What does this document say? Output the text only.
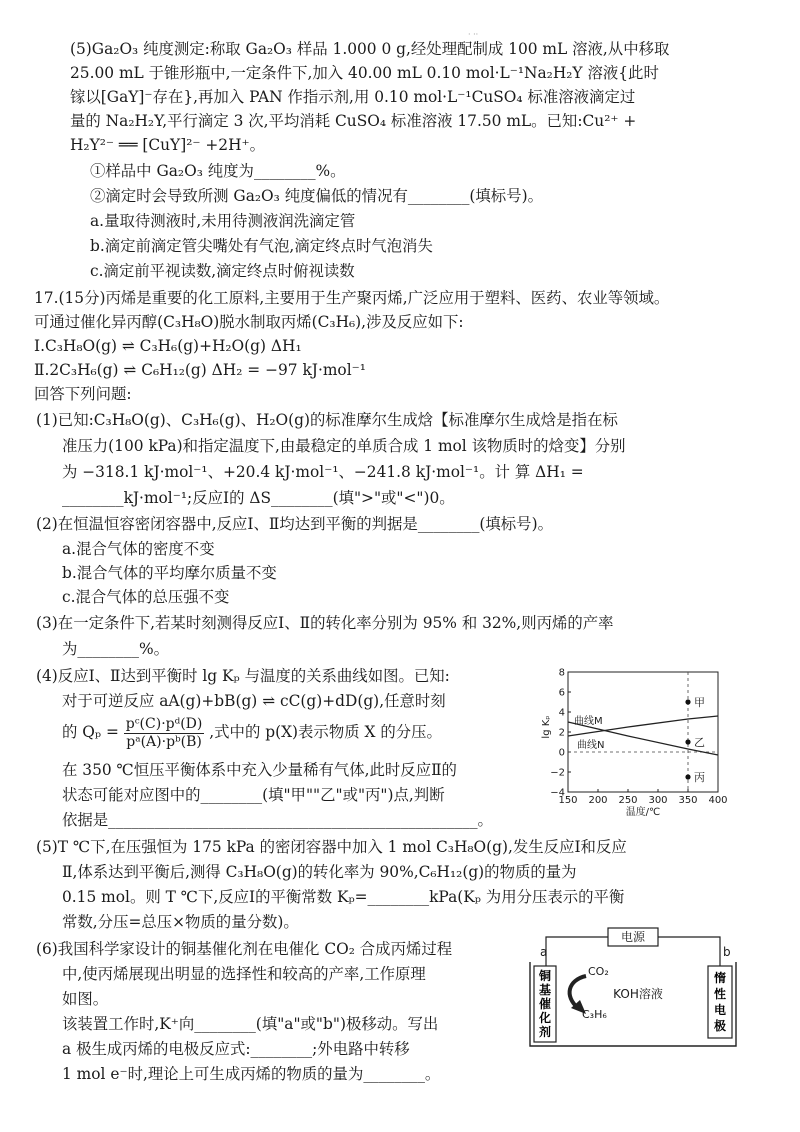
· ··
(5)Ga₂O₃ 纯度测定:称取 Ga₂O₃ 样品 1.000 0 g,经处理配制成 100 mL 溶液,从中移取
25.00 mL 于锥形瓶中,一定条件下,加入 40.00 mL 0.10 mol·L⁻¹Na₂H₂Y 溶液{此时
镓以[GaY]⁻存在},再加入 PAN 作指示剂,用 0.10 mol·L⁻¹CuSO₄ 标准溶液滴定过
量的 Na₂H₂Y,平行滴定 3 次,平均消耗 CuSO₄ 标准溶液 17.50 mL。已知:Cu²⁺ +
H₂Y²⁻ ══ [CuY]²⁻ +2H⁺。
①样品中 Ga₂O₃ 纯度为________%。
②滴定时会导致所测 Ga₂O₃ 纯度偏低的情况有________(填标号)。
a.量取待测液时,未用待测液润洗滴定管
b.滴定前滴定管尖嘴处有气泡,滴定终点时气泡消失
c.滴定前平视读数,滴定终点时俯视读数
17.(15分)丙烯是重要的化工原料,主要用于生产聚丙烯,广泛应用于塑料、医药、农业等领域。
可通过催化异丙醇(C₃H₈O)脱水制取丙烯(C₃H₆),涉及反应如下:
Ⅰ.C₃H₈O(g) ⇌ C₃H₆(g)+H₂O(g) ΔH₁
Ⅱ.2C₃H₆(g) ⇌ C₆H₁₂(g) ΔH₂ = −97 kJ·mol⁻¹
回答下列问题:
(1)已知:C₃H₈O(g)、C₃H₆(g)、H₂O(g)的标准摩尔生成焓【标准摩尔生成焓是指在标
准压力(100 kPa)和指定温度下,由最稳定的单质合成 1 mol 该物质时的焓变】分别
为 −318.1 kJ·mol⁻¹、+20.4 kJ·mol⁻¹、−241.8 kJ·mol⁻¹。计 算 ΔH₁ =
________kJ·mol⁻¹;反应Ⅰ的 ΔS________(填">"或"<")0。
(2)在恒温恒容密闭容器中,反应Ⅰ、Ⅱ均达到平衡的判据是________(填标号)。
a.混合气体的密度不变
b.混合气体的平均摩尔质量不变
c.混合气体的总压强不变
(3)在一定条件下,若某时刻测得反应Ⅰ、Ⅱ的转化率分别为 95% 和 32%,则丙烯的产率
为________%。
(4)反应Ⅰ、Ⅱ达到平衡时 lg Kₚ 与温度的关系曲线如图。已知:
对于可逆反应 aA(g)+bB(g) ⇌ cC(g)+dD(g),任意时刻
的 $Q_p = \frac{\text{pᶜ(C)·pᵈ(D)}}{\text{pᵃ(A)·pᵇ(B)}}$ ,式中的 p(X)表示物质 X 的分压。
在 350 ℃恒压平衡体系中充入少量稀有气体,此时反应Ⅱ的
状态可能对应图中的________(填"甲""乙"或"丙")点,判断
依据是________________________________________________。
8
6
4
2
0
−2
−4
150 200 250 300 350 400
温度/℃
lg Kₚ 曲线M
曲线N
甲
乙
丙
(5)T ℃下,在压强恒为 175 kPa 的密闭容器中加入 1 mol C₃H₈O(g),发生反应Ⅰ和反应
Ⅱ,体系达到平衡后,测得 C₃H₈O(g)的转化率为 90%,C₆H₁₂(g)的物质的量为
0.15 mol。则 T ℃下,反应Ⅰ的平衡常数 Kₚ=________kPa(Kₚ 为用分压表示的平衡
常数,分压=总压×物质的量分数)。
(6)我国科学家设计的铜基催化剂在电催化 CO₂ 合成丙烯过程
中,使丙烯展现出明显的选择性和较高的产率,工作原理
如图。
该装置工作时,K⁺向________(填"a"或"b")极移动。写出
a 极生成丙烯的电极反应式:________;外电路中转移
1 mol e⁻时,理论上可生成丙烯的物质的量为________。
电源
a	b
铜
基
催
化
剂
惰
性
电
极
CO₂
C₃H₆
KOH溶液
